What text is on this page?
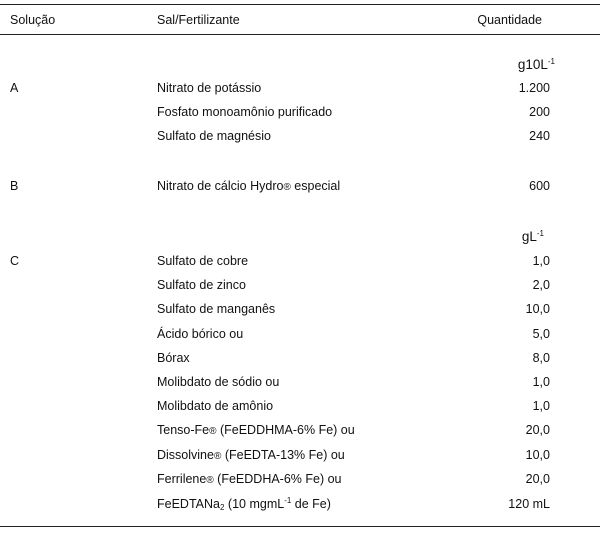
Solução	Sal/Fertilizante	Quantidade
$g10L^{-1}$
A	Nitrato de potássio	1.200
Fosfato monoamônio purificado	200
Sulfato de magnésio	240
B	Nitrato de cálcio Hydro® especial	600
$gL^{-1}$
C	Sulfato de cobre	1,0
Sulfato de zinco	2,0
Sulfato de manganês	10,0
Ácido bórico ou	5,0
Bórax	8,0
Molibdato de sódio ou	1,0
Molibdato de amônio	1,0
Tenso-Fe® (FeEDDHMA-6% Fe) ou	20,0
Dissolvine® (FeEDTA-13% Fe) ou	10,0
Ferrilene® (FeEDDHA-6% Fe) ou	20,0
FeEDTANa$_2$ (10 mgmL$^{-1}$ de Fe)	120 mL
